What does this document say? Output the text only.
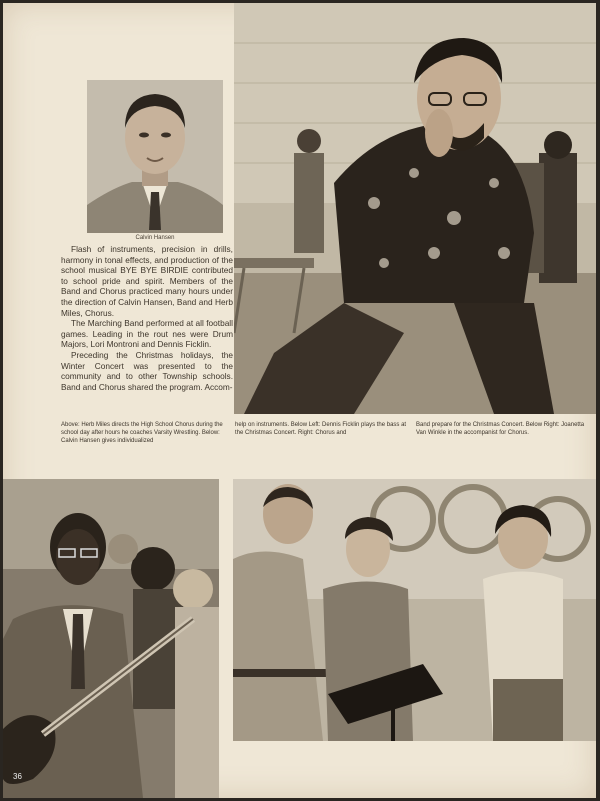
Calvin Hansen

Flash of instruments, precision in drills, harmony in tonal effects, and production of the school musical BYE BYE BIRDIE contributed to school pride and spirit. Members of the Band and Chorus practiced many hours under the direction of Calvin Hansen, Band and Herb Miles, Chorus.

The Marching Band performed at all football games. Leading in the rout nes were Drum Majors, Lori Montroni and Dennis Ficklin.

Preceding the Christmas holidays, the Winter Concert was presented to the community and to other Township schools. Band and Chorus shared the program. Accom-

Above: Herb Miles directs the High School Chorus during the school day after hours he coaches Varsity Wrestling. Below: Calvin Hansen gives individualized
help on instruments. Below Left: Dennis Ficklin plays the bass at the Christmas Concert. Right: Chorus and
Band prepare for the Christmas Concert. Below Right: Joanetta Van Winkle in the accompanist for Chorus.
36
